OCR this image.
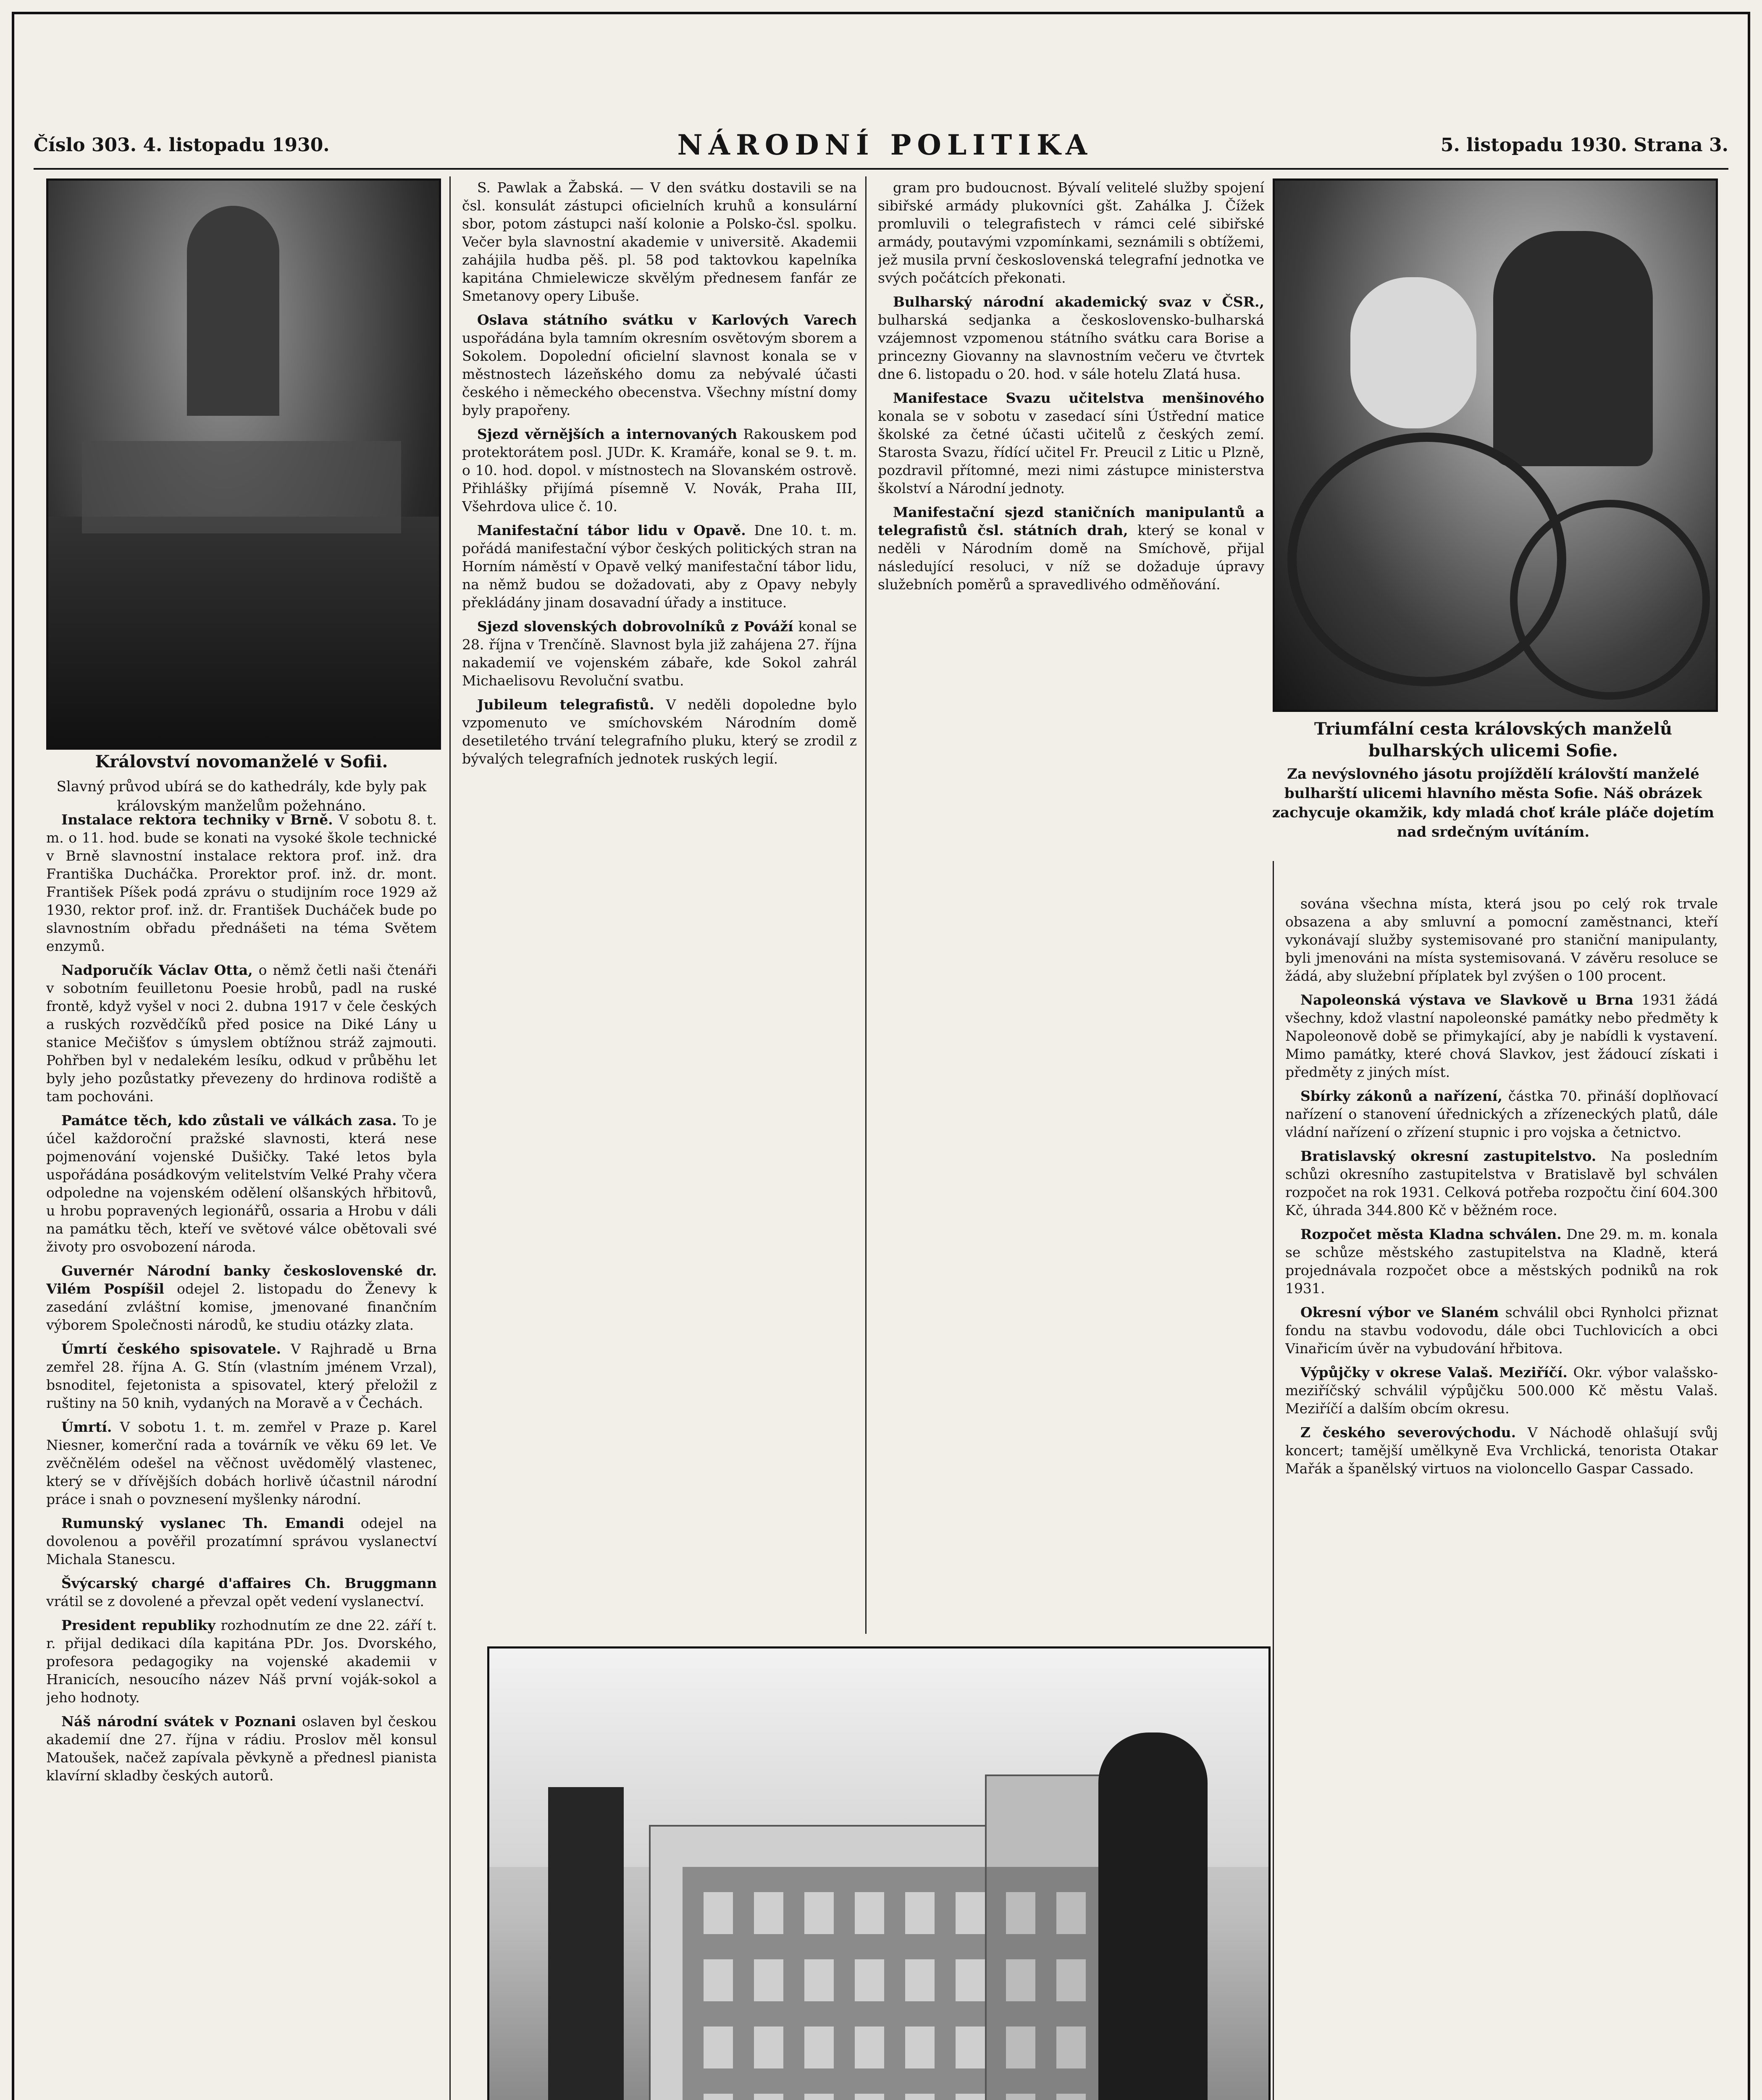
Číslo 303. 4. listopadu 1930.	NÁRODNÍ POLITIKA	5. listopadu 1930. Strana 3.
Království novomanželé v Sofii.
Slavný průvod ubírá se do kathedrály, kde byly pak královským manželům požehnáno.
Triumfální cesta královských manželů bulharských ulicemi Sofie.
Za nevýslovného jásotu projíždělí královští manželé bulharští ulicemi hlavního města Sofie. Náš obrázek zachycuje okamžik, kdy mladá choť krále pláče dojetím nad srdečným uvítáním.

Instalace rektora techniky v Brně. V sobotu 8. t. m. o 11. hod. bude se konati na vysoké škole technické v Brně slavnostní instalace rektora prof. inž. dra Františka Ducháčka. Prorektor prof. inž. dr. mont. František Píšek podá zprávu o studijním roce 1929 až 1930, rektor prof. inž. dr. František Ducháček bude po slavnostním obřadu přednášeti na téma Světem enzymů.

Nadporučík Václav Otta, o němž četli naši čtenáři v sobotním feuilletonu Poesie hrobů, padl na ruské frontě, když vyšel v noci 2. dubna 1917 v čele českých a ruských rozvědčíků před posice na Diké Lány u stanice Mečišťov s úmyslem obtížnou stráž zajmouti. Pohřben byl v nedalekém lesíku, odkud v průběhu let byly jeho pozůstatky převezeny do hrdinova rodiště a tam pochováni.

Památce těch, kdo zůstali ve válkách zasa. To je účel každoroční pražské slavnosti, která nese pojmenování vojenské Dušičky. Také letos byla uspořádána posádkovým velitelstvím Velké Prahy včera odpoledne na vojenském odělení olšanských hřbitovů, u hrobu popravených legionářů, ossaria a Hrobu v dáli na památku těch, kteří ve světové válce obětovali své životy pro osvobození národa.

Guvernér Národní banky československé dr. Vilém Pospíšil odejel 2. listopadu do Ženevy k zasedání zvláštní komise, jmenované finančním výborem Společnosti národů, ke studiu otázky zlata.

Úmrtí českého spisovatele. V Rajhradě u Brna zemřel 28. října A. G. Stín (vlastním jménem Vrzal), bsnoditel, fejetonista a spisovatel, který přeložil z ruštiny na 50 knih, vydaných na Moravě a v Čechách.

Úmrtí. V sobotu 1. t. m. zemřel v Praze p. Karel Niesner, komerční rada a továrník ve věku 69 let. Ve zvěčnělém odešel na věčnost uvědomělý vlastenec, který se v dřívějších dobách horlivě účastnil národní práce i snah o povznesení myšlenky národní.

Rumunský vyslanec Th. Emandi odejel na dovolenou a pověřil prozatímní správou vyslanectví Michala Stanescu.

Švýcarský chargé d'affaires Ch. Bruggmann vrátil se z dovolené a převzal opět vedení vyslanectví.

President republiky rozhodnutím ze dne 22. září t. r. přijal dedikaci díla kapitána PDr. Jos. Dvorského, profesora pedagogiky na vojenské akademii v Hranicích, nesoucího název Náš první voják-sokol a jeho hodnoty.

Náš národní svátek v Poznani oslaven byl českou akademií dne 27. října v rádiu. Proslov měl konsul Matoušek, načež zapívala pěvkyně a přednesl pianista klavírní skladby českých autorů.

S. Pawlak a Žabská. — V den svátku dostavili se na čsl. konsulát zástupci oficielních kruhů a konsulární sbor, potom zástupci naší kolonie a Polsko-čsl. spolku. Večer byla slavnostní akademie v universitě. Akademii zahájila hudba pěš. pl. 58 pod taktovkou kapelníka kapitána Chmielewicze skvělým přednesem fanfár ze Smetanovy opery Libuše.

Oslava státního svátku v Karlových Varech uspořádána byla tamním okresním osvětovým sborem a Sokolem. Dopolední oficielní slavnost konala se v městnostech lázeňského domu za nebývalé účasti českého i německého obecenstva. Všechny místní domy byly prapořeny.

Sjezd věrnějších a internovaných Rakouskem pod protektorátem posl. JUDr. K. Kramáře, konal se 9. t. m. o 10. hod. dopol. v místnostech na Slovanském ostrově. Přihlášky přijímá písemně V. Novák, Praha III, Všehrdova ulice č. 10.

Manifestační tábor lidu v Opavě. Dne 10. t. m. pořádá manifestační výbor českých politických stran na Horním náměstí v Opavě velký manifestační tábor lidu, na němž budou se dožadovati, aby z Opavy nebyly překládány jinam dosavadní úřady a instituce.

Sjezd slovenských dobrovolníků z Pováží konal se 28. října v Trenčíně. Slavnost byla již zahájena 27. října nakademií ve vojenském zábaře, kde Sokol zahrál Michaelisovu Revoluční svatbu.

Jubileum telegrafistů. V neděli dopoledne bylo vzpomenuto ve smíchovském Národním domě desetiletého trvání telegrafního pluku, který se zrodil z bývalých telegrafních jednotek ruských legií.

gram pro budoucnost. Bývalí velitelé služby spojení sibiřské armády plukovníci gšt. Zahálka J. Čížek promluvili o telegrafistech v rámci celé sibiřské armády, poutavými vzpomínkami, seznámili s obtížemi, jež musila první československá telegrafní jednotka ve svých počátcích překonati.

Bulharský národní akademický svaz v ČSR., bulharská sedjanka a československo-bulharská vzájemnost vzpomenou státního svátku cara Borise a princezny Giovanny na slavnostním večeru ve čtvrtek dne 6. listopadu o 20. hod. v sále hotelu Zlatá husa.

Manifestace Svazu učitelstva menšinového konala se v sobotu v zasedací síni Ústřední matice školské za četné účasti učitelů z českých zemí. Starosta Svazu, řídící učitel Fr. Preucil z Litic u Plzně, pozdravil přítomné, mezi nimi zástupce ministerstva školství a Národní jednoty.

Manifestační sjezd staničních manipulantů a telegrafistů čsl. státních drah, který se konal v neděli v Národním domě na Smíchově, přijal následující resoluci, v níž se dožaduje úpravy služebních poměrů a spravedlivého odměňování.

sována všechna místa, která jsou po celý rok trvale obsazena a aby smluvní a pomocní zaměstnanci, kteří vykonávají služby systemisované pro staniční manipulanty, byli jmenováni na místa systemisovaná. V závěru resoluce se žádá, aby služební příplatek byl zvýšen o 100 procent.

Napoleonská výstava ve Slavkově u Brna 1931 žádá všechny, kdož vlastní napoleonské památky nebo předměty k Napoleonově době se přimykající, aby je nabídli k vystavení. Mimo památky, které chová Slavkov, jest žádoucí získati i předměty z jiných míst.

Sbírky zákonů a nařízení, částka 70. přináší doplňovací nařízení o stanovení úřednických a zřízeneckých platů, dále vládní nařízení o zřízení stupnic i pro vojska a četnictvo.

Bratislavský okresní zastupitelstvo. Na posledním schůzi okresního zastupitelstva v Bratislavě byl schválen rozpočet na rok 1931. Celková potřeba rozpočtu činí 604.300 Kč, úhrada 344.800 Kč v běžném roce.

Rozpočet města Kladna schválen. Dne 29. m. m. konala se schůze městského zastupitelstva na Kladně, která projednávala rozpočet obce a městských podniků na rok 1931.

Okresní výbor ve Slaném schválil obci Rynholci přiznat fondu na stavbu vodovodu, dále obci Tuchlovicích a obci Vinařicím úvěr na vybudování hřbitova.

Výpůjčky v okrese Valaš. Meziříčí. Okr. výbor valašsko-meziříčský schválil výpůjčku 500.000 Kč městu Valaš. Meziříčí a dalším obcím okresu.

Z českého severovýchodu. V Náchodě ohlašují svůj koncert; tamější umělkyně Eva Vrchlická, tenorista Otakar Mařák a španělský virtuos na violoncello Gaspar Cassado.
